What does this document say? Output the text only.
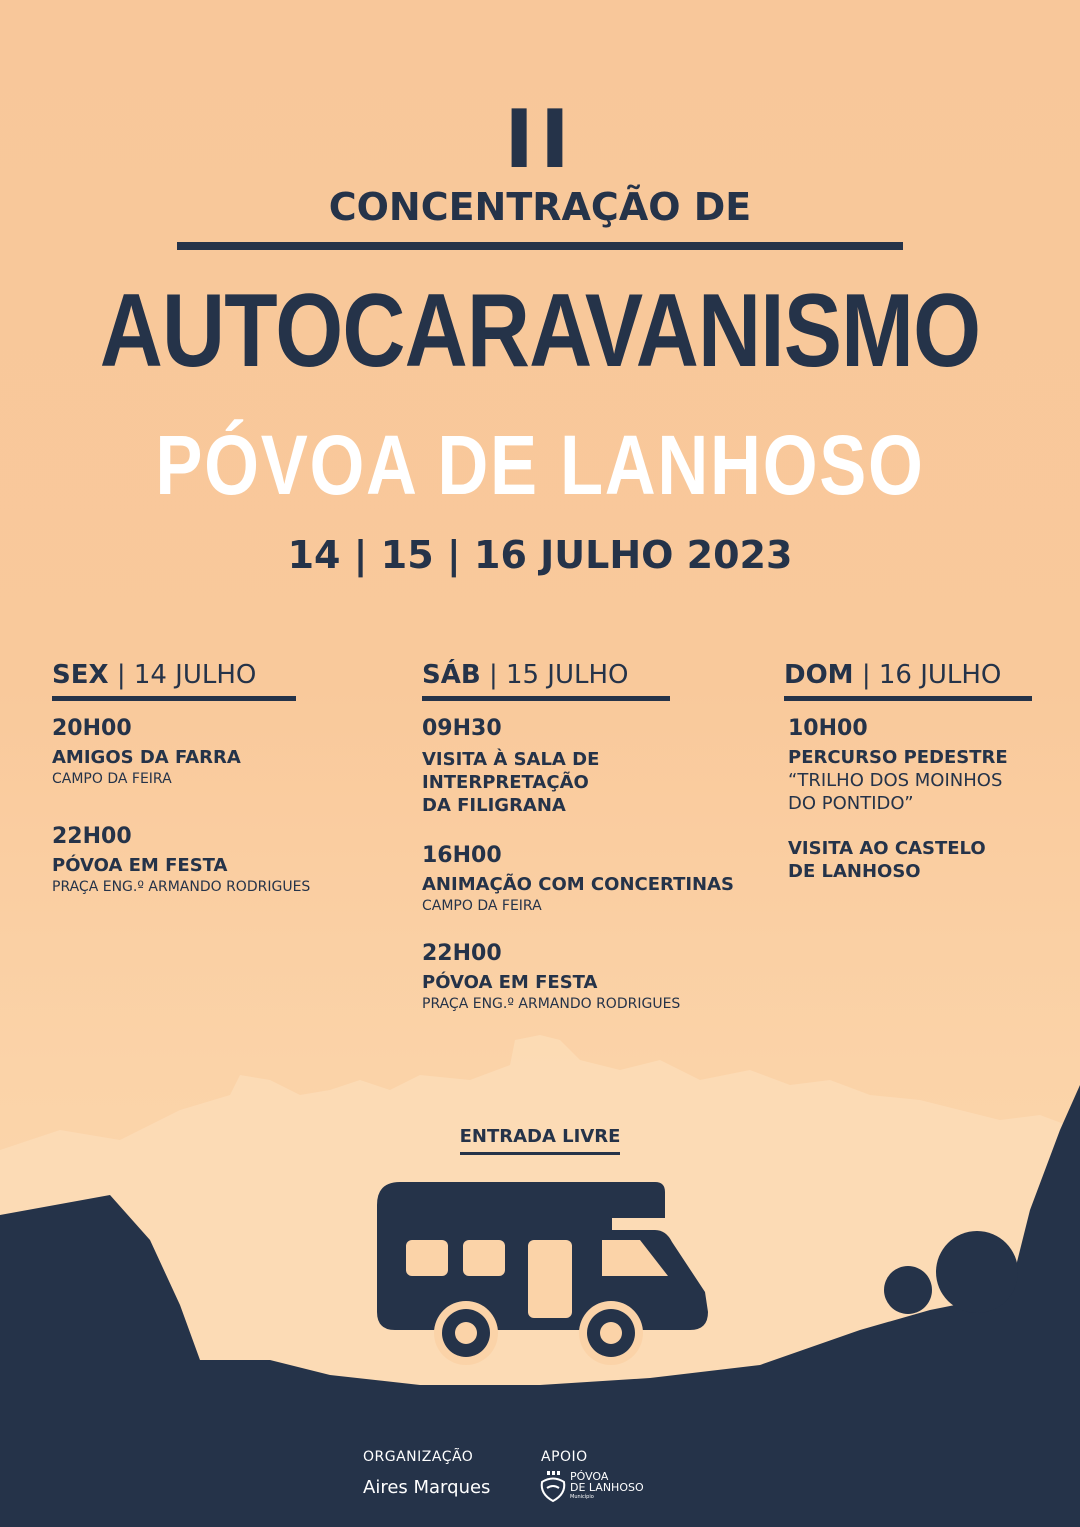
II
CONCENTRAÇÃO DE
AUTOCARAVANISMO
PÓVOA DE LANHOSO
14 | 15 | 16 JULHO 2023
SEX | 14 JULHO
20H00
AMIGOS DA FARRA
CAMPO DA FEIRA
22H00
PÓVOA EM FESTA
PRAÇA ENG.º ARMANDO RODRIGUES
SÁB | 15 JULHO
09H30
VISITA À SALA DE
INTERPRETAÇÃO
DA FILIGRANA
16H00
ANIMAÇÃO COM CONCERTINAS
CAMPO DA FEIRA
22H00
PÓVOA EM FESTA
PRAÇA ENG.º ARMANDO RODRIGUES
DOM | 16 JULHO
10H00
PERCURSO PEDESTRE
“TRILHO DOS MOINHOS
DO PONTIDO”
VISITA AO CASTELO
DE LANHOSO
ENTRADA LIVRE
ORGANIZAÇÃO
Aires Marques
APOIO
PÓVOA
DE LANHOSO
Município
